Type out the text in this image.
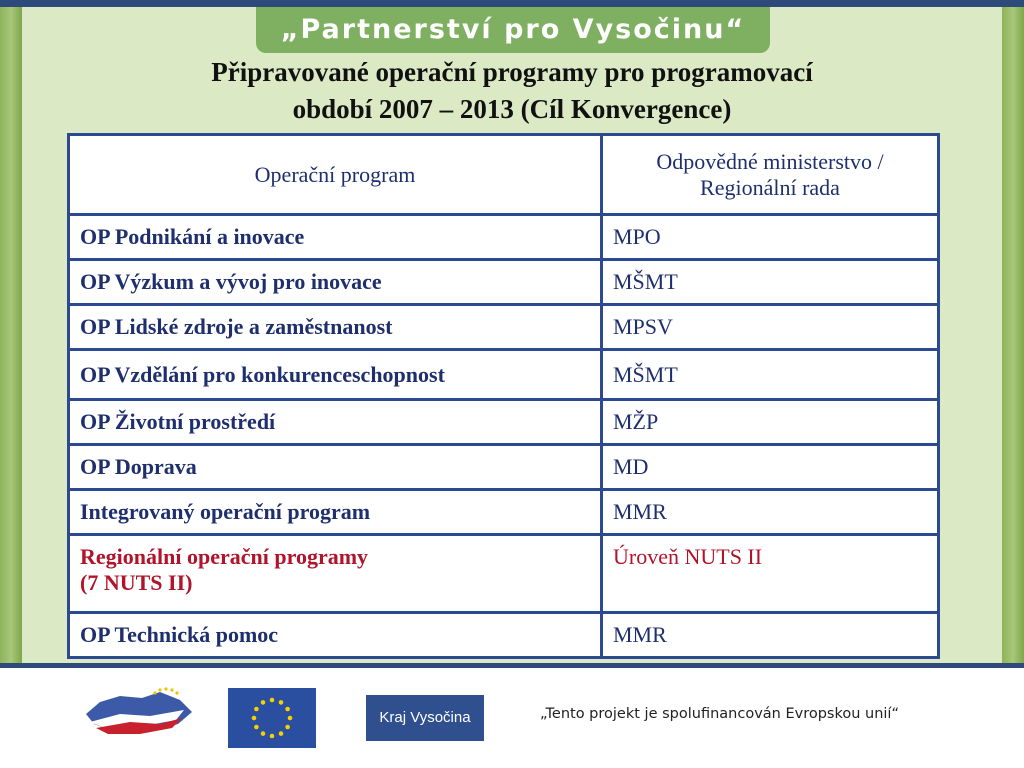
„Partnerství pro Vysočinu“
Připravované operační programy pro programovací
období 2007 – 2013 (Cíl Konvergence)
Operační program	Odpovědné ministerstvo /
Regionální rada

OP Podnikání a inovace	MPO
OP Výzkum a vývoj pro inovace	MŠMT
OP Lidské zdroje a zaměstnanost	MPSV
OP Vzdělání pro konkurenceschopnost	MŠMT
OP Životní prostředí	MŽP
OP Doprava	MD
Integrovaný operační program	MMR

Regionální operační programy
(7 NUTS II)	Úroveň NUTS II
OP Technická pomoc	MMR
Kraj Vysočina	„Tento projekt je spolufinancován Evropskou unií“
